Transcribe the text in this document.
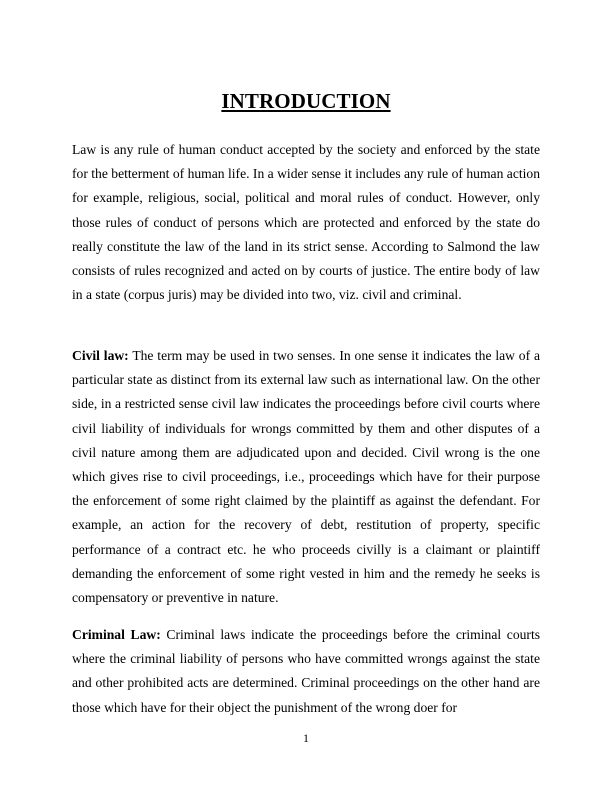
INTRODUCTION

Law is any rule of human conduct accepted by the society and enforced by the state for the betterment of human life. In a wider sense it includes any rule of human action for example, religious, social, political and moral rules of conduct. However, only those rules of conduct of persons which are protected and enforced by the state do really constitute the law of the land in its strict sense. According to Salmond the law consists of rules recognized and acted on by courts of justice. The entire body of law in a state (corpus juris) may be divided into two, viz. civil and criminal.

Civil law: The term may be used in two senses. In one sense it indicates the law of a particular state as distinct from its external law such as international law. On the other side, in a restricted sense civil law indicates the proceedings before civil courts where civil liability of individuals for wrongs committed by them and other disputes of a civil nature among them are adjudicated upon and decided. Civil wrong is the one which gives rise to civil proceedings, i.e., proceedings which have for their purpose the enforcement of some right claimed by the plaintiff as against the defendant. For example, an action for the recovery of debt, restitution of property, specific performance of a contract etc. he who proceeds civilly is a claimant or plaintiff demanding the enforcement of some right vested in him and the remedy he seeks is compensatory or preventive in nature.

Criminal Law: Criminal laws indicate the proceedings before the criminal courts where the criminal liability of persons who have committed wrongs against the state and other prohibited acts are determined. Criminal proceedings on the other hand are those which have for their object the punishment of the wrong doer for

1
